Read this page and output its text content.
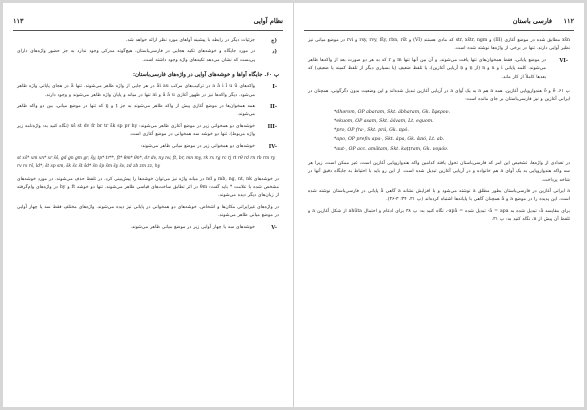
۱۱۳	نظام آوایی
ج)
جزئیات دیگر در رابطه با پیشینه آواهای مورد نظر ارائه خواهد شد.
د)
در مورد جایگاه و خوشه‌های تکیه هجایی در فارسی‌باستان، هیچ‌گونه مدرکی وجود ندارد به جز حضور واژه‌های دارای پی‌بست که نشان می‌دهد تکیه‌های واژه وجود داشته است.
پ ۶۰. جایگاه آواها و خوشه‌های آوایی در واژه‌های فارسی‌باستان:
I-
واکه‌های a ā i ī u ū در ترکیب‌های مرکب āi au در هر جایی از واژه ظاهر می‌شوند. تنها ā در هجای پایانی واژه ظاهر می‌شود. دیگر واکه‌ها نیز در ظهور آغازی â ā u و ai تنها در میانه و پایان واژه ظاهر می‌شوند و وجود دارند.
II-
همه همخوان‌ها در موضع آغازی پیش از واکه ظاهر می‌شوند به جز ṭ و ŋ که تنها در موضع میانی، بین دو واکه ظاهر می‌شوند.
III-
خوشه‌های دو همخوانی زیر در موضع آغازی ظاهر می‌شوند: xš st dv fr br tr šk sp pr hy (نگاه کنید به: واژه‌نامه زیر واژه مربوط). تنها دو خوشه سه همخوانی در موضع آغازی است.
IV-
خوشه‌های دو همخوانی زیر در موضع میانی ظاهر می‌شوند:
st xš* xm xn* xr šš, gd gn gm gr, šy, tp* tr**, ft* θm* θn*, dr dv, ny nv, ft, br, mn my, rk rx rg rc rj rt rθ rd rn rb rm ry rv rs rš, ld*, št sp sm, šk šc št šd* šn šp šm šy šv, zd zb zm zz, hy
در خوشه‌های mb, ng, nt, nk و nd در میانه واژه نیز می‌توان خوشه‌ها را پیش‌بینی کرد. در تلفظ حذف می‌شوند. در مورد خوشه‌های مشخص شده با علامت * باید گفت: θm در اثر تطابق ساخت‌های قیاسی ظاهر می‌شوند. تنها دو خوشه ft و hy در واژه‌های وام‌گرفته از زبان‌های دیگر دیده می‌شوند.
در واژه‌های غیرایرانی مکان‌ها و اشخاص. خوشه‌های دو همخوانی در پایانی نیز دیده می‌شوند. واژه‌های مختلف فقط سه یا چهار آوایی در موضع میانی ظاهر می‌شوند.
V-
خوشه‌های سه یا چهار آوایی زیر در موضع میانی ظاهر می‌شوند.
۱۱۲
فارسی باستان
xšn مطابق شده در موضع آغازی (III) و str, xštr, ngm که مادی هستند (VI) و rsy, rvy, fšy, rbn, ršt و rvi در موضع میانی نیز نظیر آوایی دارند. تنها در برخی از واژه‌ها نوشته شده است.
VI-
در موضع پایانی، فقط همخوان‌های تنها یافت می‌شوند، و آن بین آنها تنها m و r که به هر دو صورت بعد از واکه‌ها ظاهر می‌شوند. کلمه پایانی i و u و n (از ṉ و ṇ آریایی آغازین)، یا تلفظ ضعیف (یا بسیاری دیگر از تلفظ کمینه یا ضعیف) که بعدها کاملاً از کار ماند.
پ ۶۱. ē و ō هندواروپایی آغازین. همه a هم a به یک آوای a در آریایی آغازین تبدیل شده‌اند و این وضعیت بدون دگرگونی، همچنان در ایرانی آغازین و نیز فارسی‌باستان بر جای مانده است:
*dhǝrom, OP abaram, Skt. ábharam, Gk. ἔφερον.
*ekuom, OP asam, Skt. áśvam, Lt. equom.
*pro, OP fra-, Skt. prá, Gk. πρό.
*apo, OP prefix apa-, Skt. ápa, Gk. ἀπό, Lt. ab.
*aut-, OP acc. amātam, Skt. kaṭṭram, Gk. νομόν.
در تعدادی از واژه‌ها، تشخیص این امر که فارسی‌باستان تحول یافته کدامین واکه هندواروپایی آغازین است، غیر ممکن است، زیرا هر سه واکه هندواروپایی به یک آوای a هم خانواده و در آریایی آغازین تبدیل شده است. از این رو باید با احتیاط به جایگاه دقیق آنها در شاخه پرداخت.
a ایرانی آغازین در فارسی‌باستان بطور مطلق a نوشته می‌شود و با افزایش نشانه a گاهی ā پایانی در فارسی‌باستان نوشته شده است. این پدیده را در موضع a و ā همچنان گاهی با پایانه‌ها اشتباه کرده‌اند (پ ۳۱، ۳۴؛ ۳-۳۶).
برای مقایسه ā: تبدیل شده به ā = apa- تبدیل شده = apā-، نگاه کنید به: پ ۳۸ برای ادغام و احتمال ahūta از شکل آغازین a و تلفظ آن پیش از n، نگاه کنید به: پ ۳۱.
